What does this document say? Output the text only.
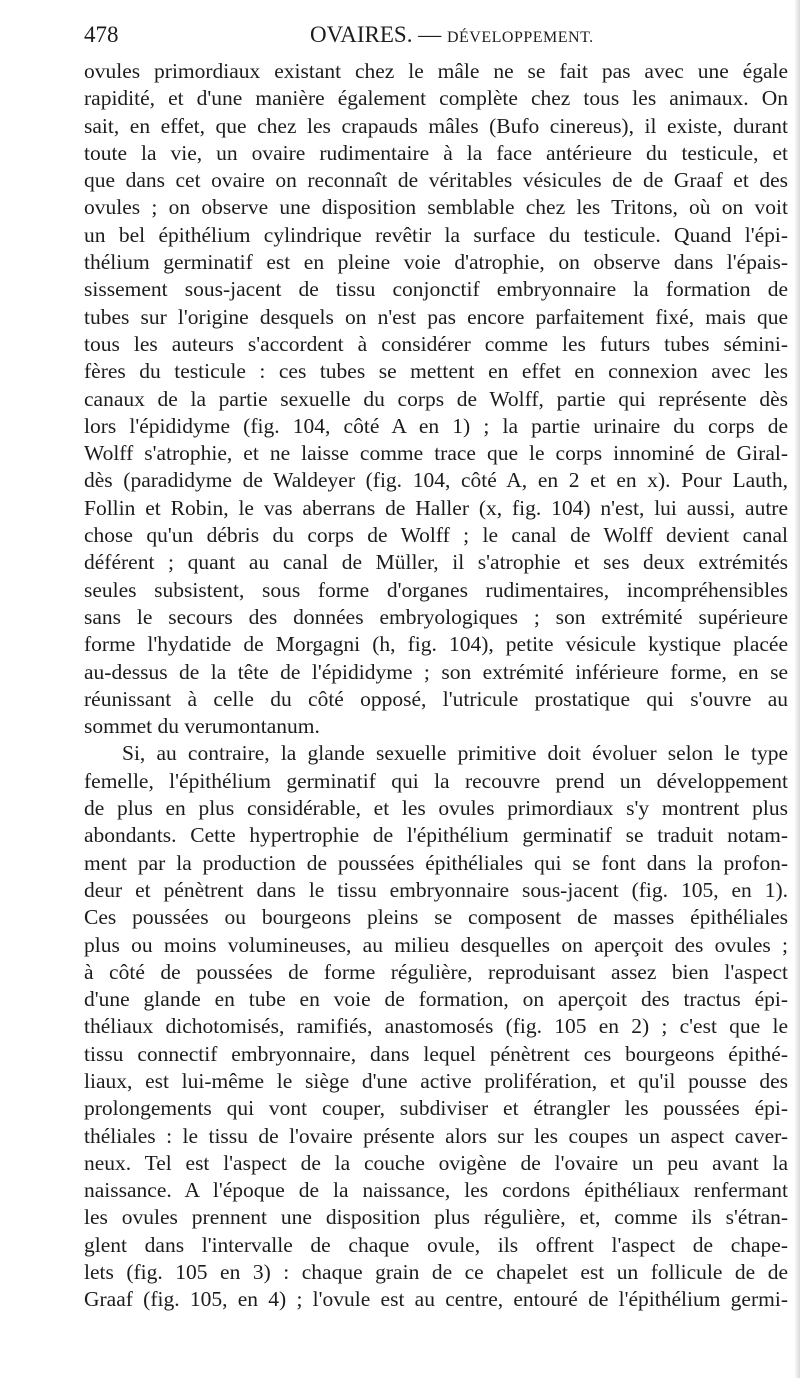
478	OVAIRES. — DÉVELOPPEMENT.
ovules primordiaux existant chez le mâle ne se fait pas avec une égale
rapidité, et d'une manière également complète chez tous les animaux. On
sait, en effet, que chez les crapauds mâles (Bufo cinereus), il existe, durant
toute la vie, un ovaire rudimentaire à la face antérieure du testicule, et
que dans cet ovaire on reconnaît de véritables vésicules de de Graaf et des
ovules ; on observe une disposition semblable chez les Tritons, où on voit
un bel épithélium cylindrique revêtir la surface du testicule. Quand l'épi-
thélium germinatif est en pleine voie d'atrophie, on observe dans l'épais-
sissement sous-jacent de tissu conjonctif embryonnaire la formation de
tubes sur l'origine desquels on n'est pas encore parfaitement fixé, mais que
tous les auteurs s'accordent à considérer comme les futurs tubes sémini-
fères du testicule : ces tubes se mettent en effet en connexion avec les
canaux de la partie sexuelle du corps de Wolff, partie qui représente dès
lors l'épididyme (fig. 104, côté A en 1) ; la partie urinaire du corps de
Wolff s'atrophie, et ne laisse comme trace que le corps innominé de Giral-
dès (paradidyme de Waldeyer (fig. 104, côté A, en 2 et en x). Pour Lauth,
Follin et Robin, le vas aberrans de Haller (x, fig. 104) n'est, lui aussi, autre
chose qu'un débris du corps de Wolff ; le canal de Wolff devient canal
déférent ; quant au canal de Müller, il s'atrophie et ses deux extrémités
seules subsistent, sous forme d'organes rudimentaires, incompréhensibles
sans le secours des données embryologiques ; son extrémité supérieure
forme l'hydatide de Morgagni (h, fig. 104), petite vésicule kystique placée
au-dessus de la tête de l'épididyme ; son extrémité inférieure forme, en se
réunissant à celle du côté opposé, l'utricule prostatique qui s'ouvre au
sommet du verumontanum.
Si, au contraire, la glande sexuelle primitive doit évoluer selon le type
femelle, l'épithélium germinatif qui la recouvre prend un développement
de plus en plus considérable, et les ovules primordiaux s'y montrent plus
abondants. Cette hypertrophie de l'épithélium germinatif se traduit notam-
ment par la production de poussées épithéliales qui se font dans la profon-
deur et pénètrent dans le tissu embryonnaire sous-jacent (fig. 105, en 1).
Ces poussées ou bourgeons pleins se composent de masses épithéliales
plus ou moins volumineuses, au milieu desquelles on aperçoit des ovules ;
à côté de poussées de forme régulière, reproduisant assez bien l'aspect
d'une glande en tube en voie de formation, on aperçoit des tractus épi-
théliaux dichotomisés, ramifiés, anastomosés (fig. 105 en 2) ; c'est que le
tissu connectif embryonnaire, dans lequel pénètrent ces bourgeons épithé-
liaux, est lui-même le siège d'une active prolifération, et qu'il pousse des
prolongements qui vont couper, subdiviser et étrangler les poussées épi-
théliales : le tissu de l'ovaire présente alors sur les coupes un aspect caver-
neux. Tel est l'aspect de la couche ovigène de l'ovaire un peu avant la
naissance. A l'époque de la naissance, les cordons épithéliaux renfermant
les ovules prennent une disposition plus régulière, et, comme ils s'étran-
glent dans l'intervalle de chaque ovule, ils offrent l'aspect de chape-
lets (fig. 105 en 3) : chaque grain de ce chapelet est un follicule de de
Graaf (fig. 105, en 4) ; l'ovule est au centre, entouré de l'épithélium germi-
